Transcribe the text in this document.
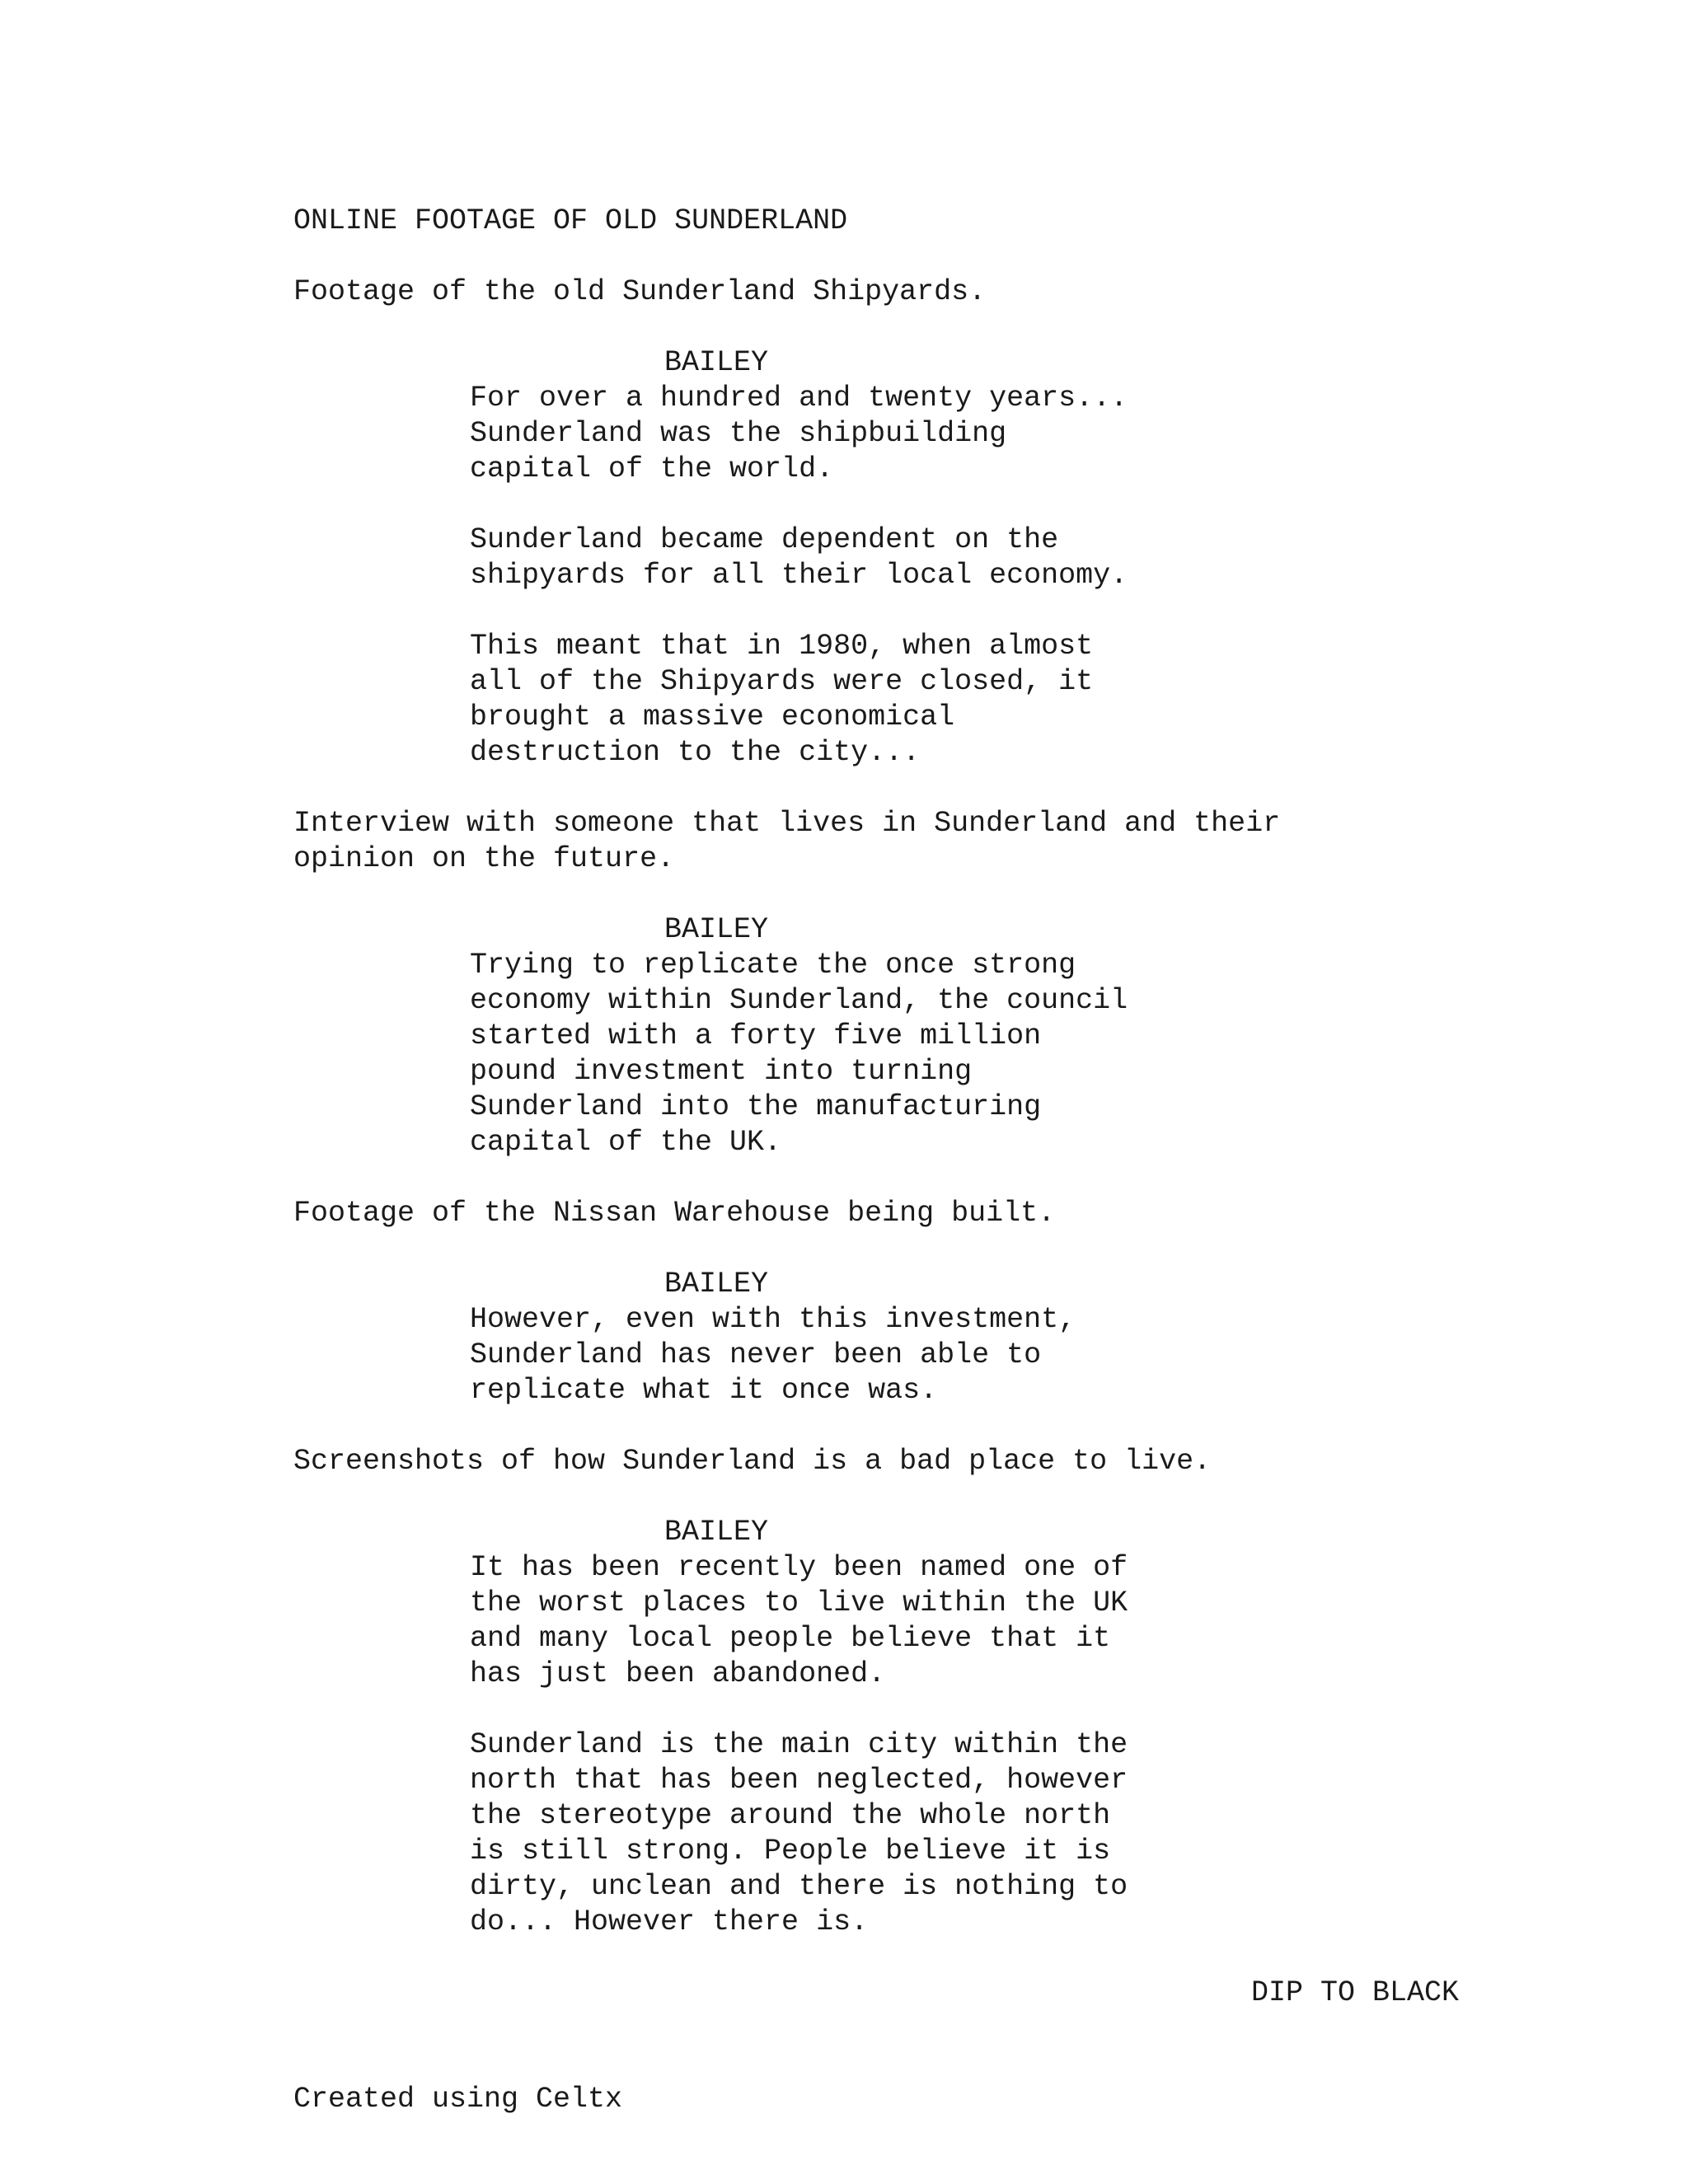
ONLINE FOOTAGE OF OLD SUNDERLAND

Footage of the old Sunderland Shipyards.

BAILEY

For over a hundred and twenty years...

Sunderland was the shipbuilding

capital of the world.

Sunderland became dependent on the

shipyards for all their local economy.

This meant that in 1980, when almost

all of the Shipyards were closed, it

brought a massive economical

destruction to the city...

Interview with someone that lives in Sunderland and their

opinion on the future.

BAILEY

Trying to replicate the once strong

economy within Sunderland, the council

started with a forty five million

pound investment into turning

Sunderland into the manufacturing

capital of the UK.

Footage of the Nissan Warehouse being built.

BAILEY

However, even with this investment,

Sunderland has never been able to

replicate what it once was.

Screenshots of how Sunderland is a bad place to live.

BAILEY

It has been recently been named one of

the worst places to live within the UK

and many local people believe that it

has just been abandoned.

Sunderland is the main city within the

north that has been neglected, however

the stereotype around the whole north

is still strong. People believe it is

dirty, unclean and there is nothing to

do... However there is.

DIP TO BLACK

Created using Celtx
